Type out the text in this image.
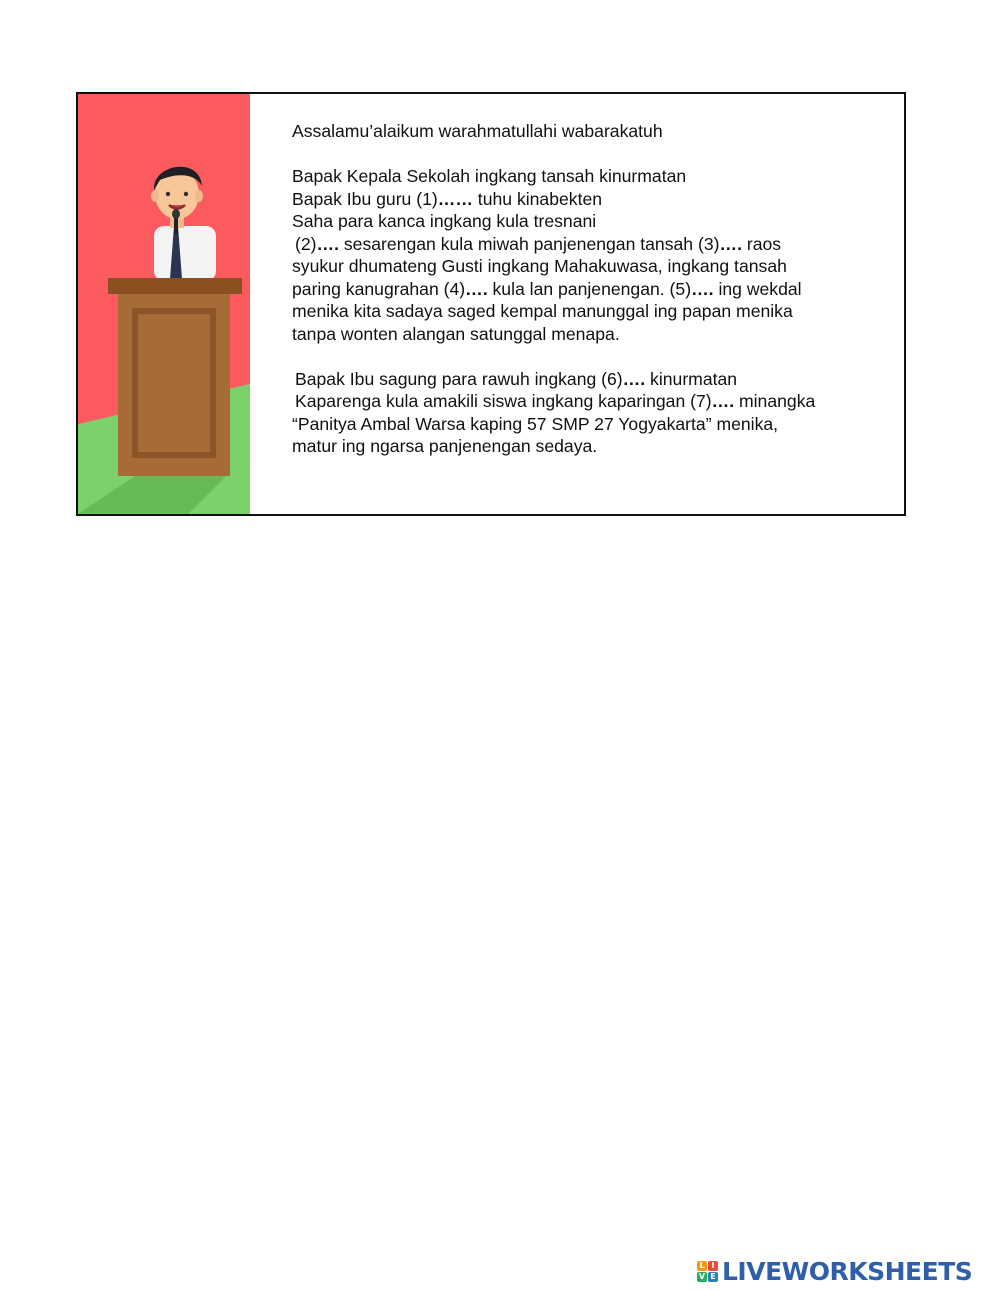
Assalamu’alaikum warahmatullahi wabarakatuh
Bapak Kepala Sekolah ingkang tansah kinurmatan
Bapak Ibu guru (1)…… tuhu kinabekten
Saha para kanca ingkang kula tresnani
(2)…. sesarengan kula miwah panjenengan tansah (3)…. raos
syukur dhumateng Gusti ingkang Mahakuwasa, ingkang tansah
paring kanugrahan (4)…. kula lan panjenengan. (5)…. ing wekdal
menika kita sadaya saged kempal manunggal ing papan menika
tanpa wonten alangan satunggal menapa.
Bapak Ibu sagung para rawuh ingkang (6)…. kinurmatan
Kaparenga kula amakili siswa ingkang kaparingan (7)…. minangka
“Panitya Ambal Warsa kaping 57 SMP 27 Yogyakarta” menika,
matur ing ngarsa panjenengan sedaya.
L I
V E LIVEWORKSHEETS
